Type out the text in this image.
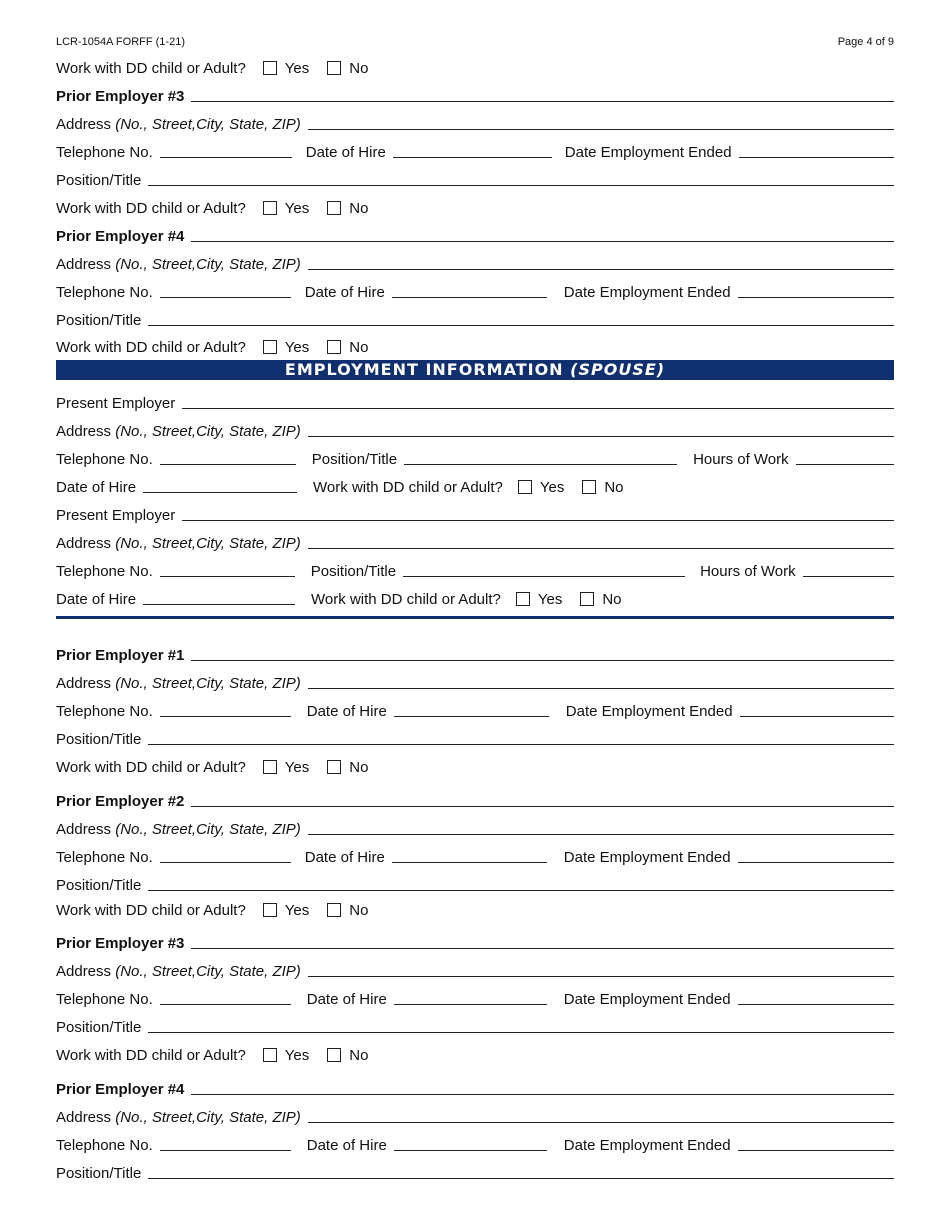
LCR-1054A FORFF (1-21)	Page 4 of 9
Work with DD child or Adult?	Yes	No
Prior Employer #3
Address (No., Street,City, State, ZIP)
Telephone No.	Date of Hire	Date Employment Ended
Position/Title
Work with DD child or Adult?	Yes	No
Prior Employer #4
Address (No., Street,City, State, ZIP)
Telephone No.	Date of Hire	Date Employment Ended
Position/Title
Work with DD child or Adult?	Yes	No
EMPLOYMENT INFORMATION (SPOUSE)
Present Employer
Address (No., Street,City, State, ZIP)
Telephone No.	Position/Title	Hours of Work
Date of Hire	Work with DD child or Adult?	Yes	No
Present Employer
Address (No., Street,City, State, ZIP)
Telephone No.	Position/Title	Hours of Work
Date of Hire	Work with DD child or Adult?	Yes	No
Prior Employer #1
Address (No., Street,City, State, ZIP)
Telephone No.	Date of Hire	Date Employment Ended
Position/Title
Work with DD child or Adult?	Yes	No
Prior Employer #2
Address (No., Street,City, State, ZIP)
Telephone No.	Date of Hire	Date Employment Ended
Position/Title
Work with DD child or Adult?	Yes	No
Prior Employer #3
Address (No., Street,City, State, ZIP)
Telephone No.	Date of Hire	Date Employment Ended
Position/Title
Work with DD child or Adult?	Yes	No
Prior Employer #4
Address (No., Street,City, State, ZIP)
Telephone No.	Date of Hire	Date Employment Ended
Position/Title
